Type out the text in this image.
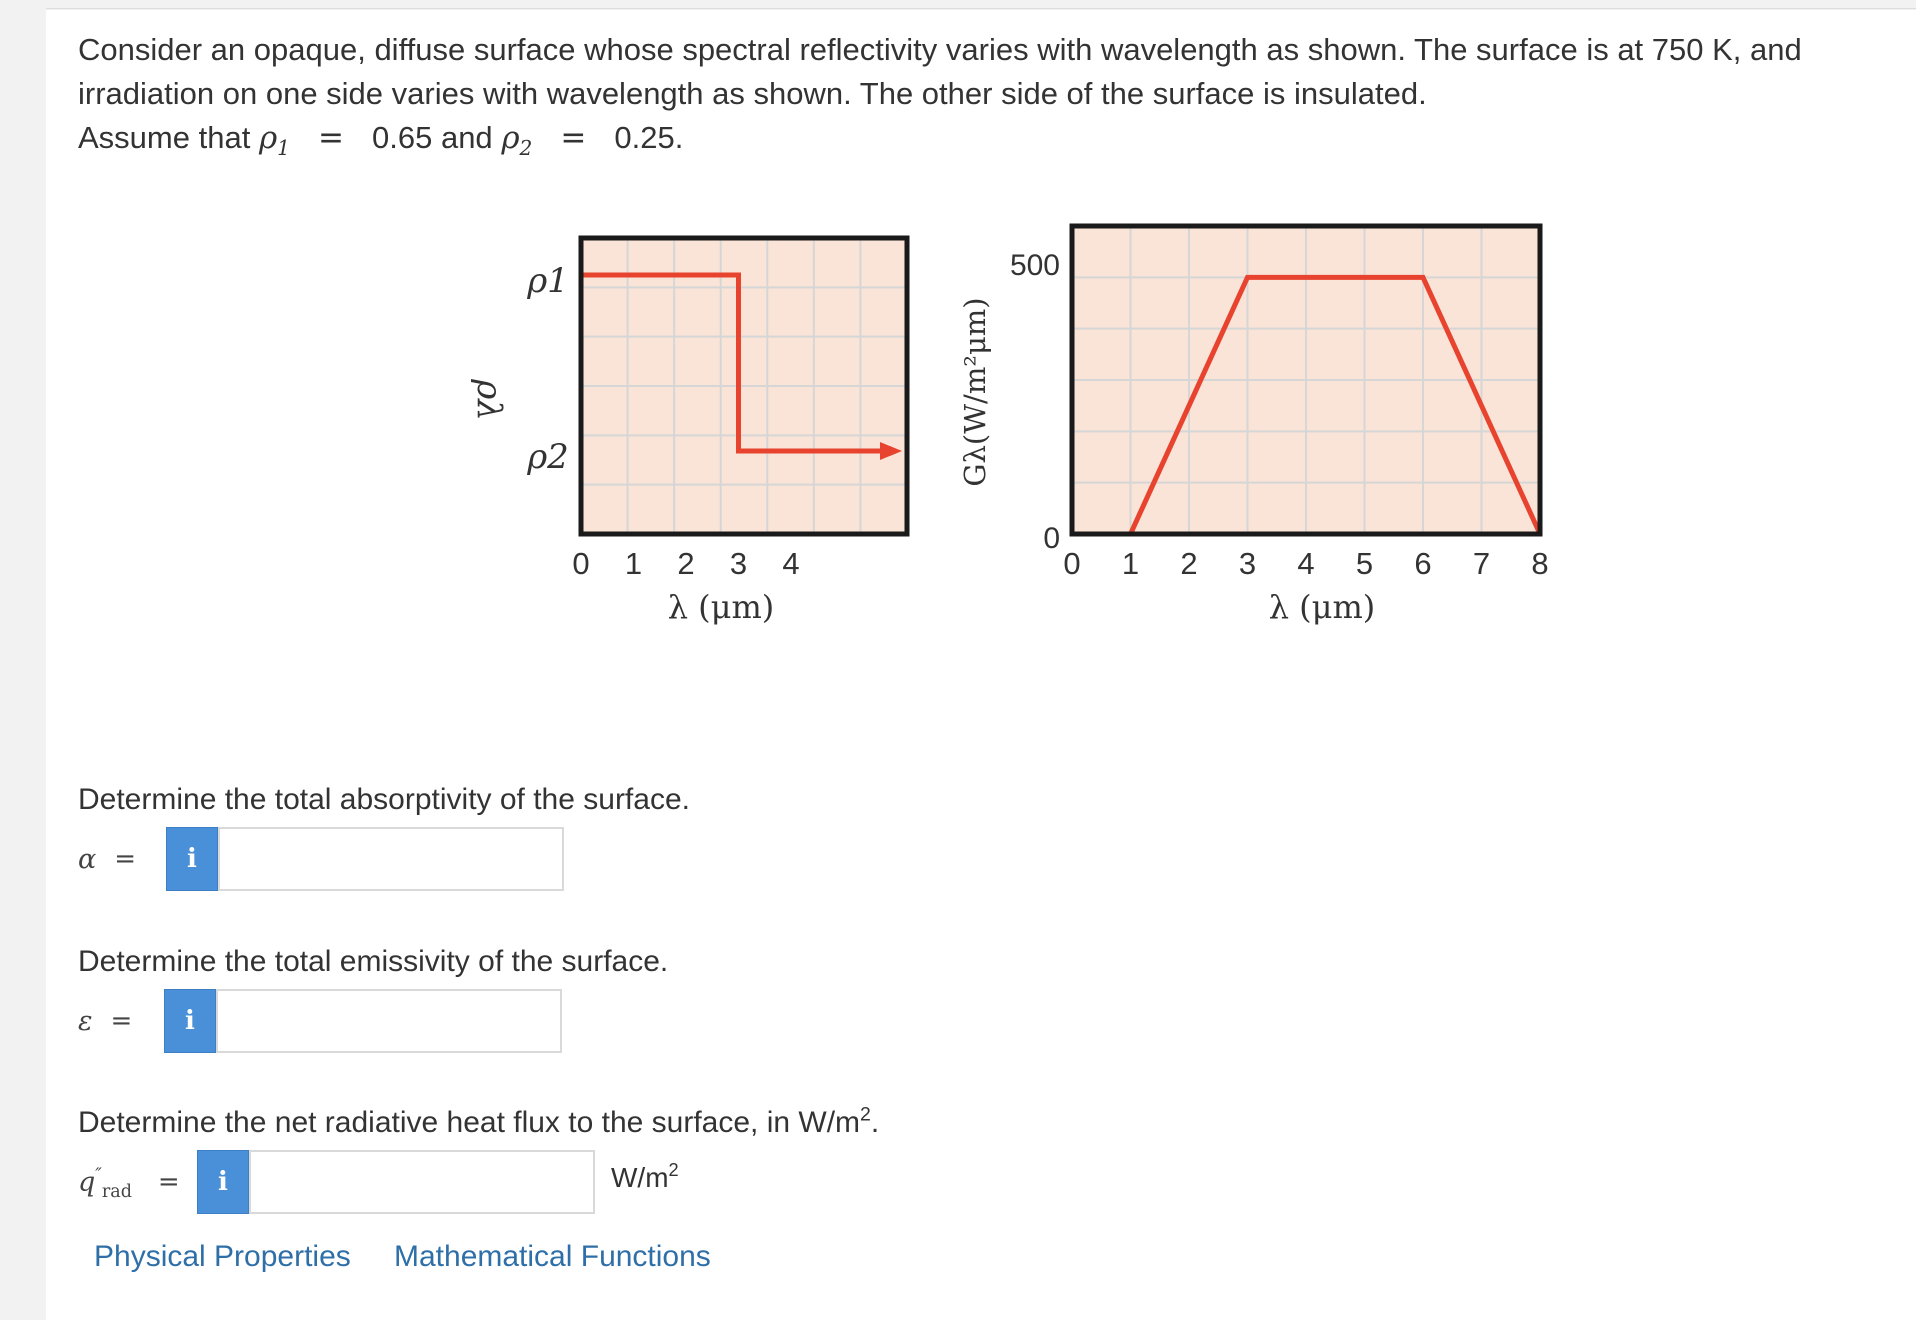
Consider an opaque, diffuse surface whose spectral reflectivity varies with wavelength as shown. The surface is at 750 K, and
irradiation on one side varies with wavelength as shown. The other side of the surface is insulated.
Assume that $\rho_1 = 0.65$ and $\rho_2 = 0.25$.
0 1 2 3 4
λ (μm)
ρ1
ρ2
ρλ
0 1 2 3 4 5 6 7 8
500
0
λ (μm)
Gλ(W/m²μm)
Determine the total absorptivity of the surface.
α =	i
Determine the total emissivity of the surface.
ε =	i
Determine the net radiative heat flux to the surface, in $W/m^2$.
$q''_{rad}$ =	i	$W/m^2$
Physical Properties Mathematical Functions
